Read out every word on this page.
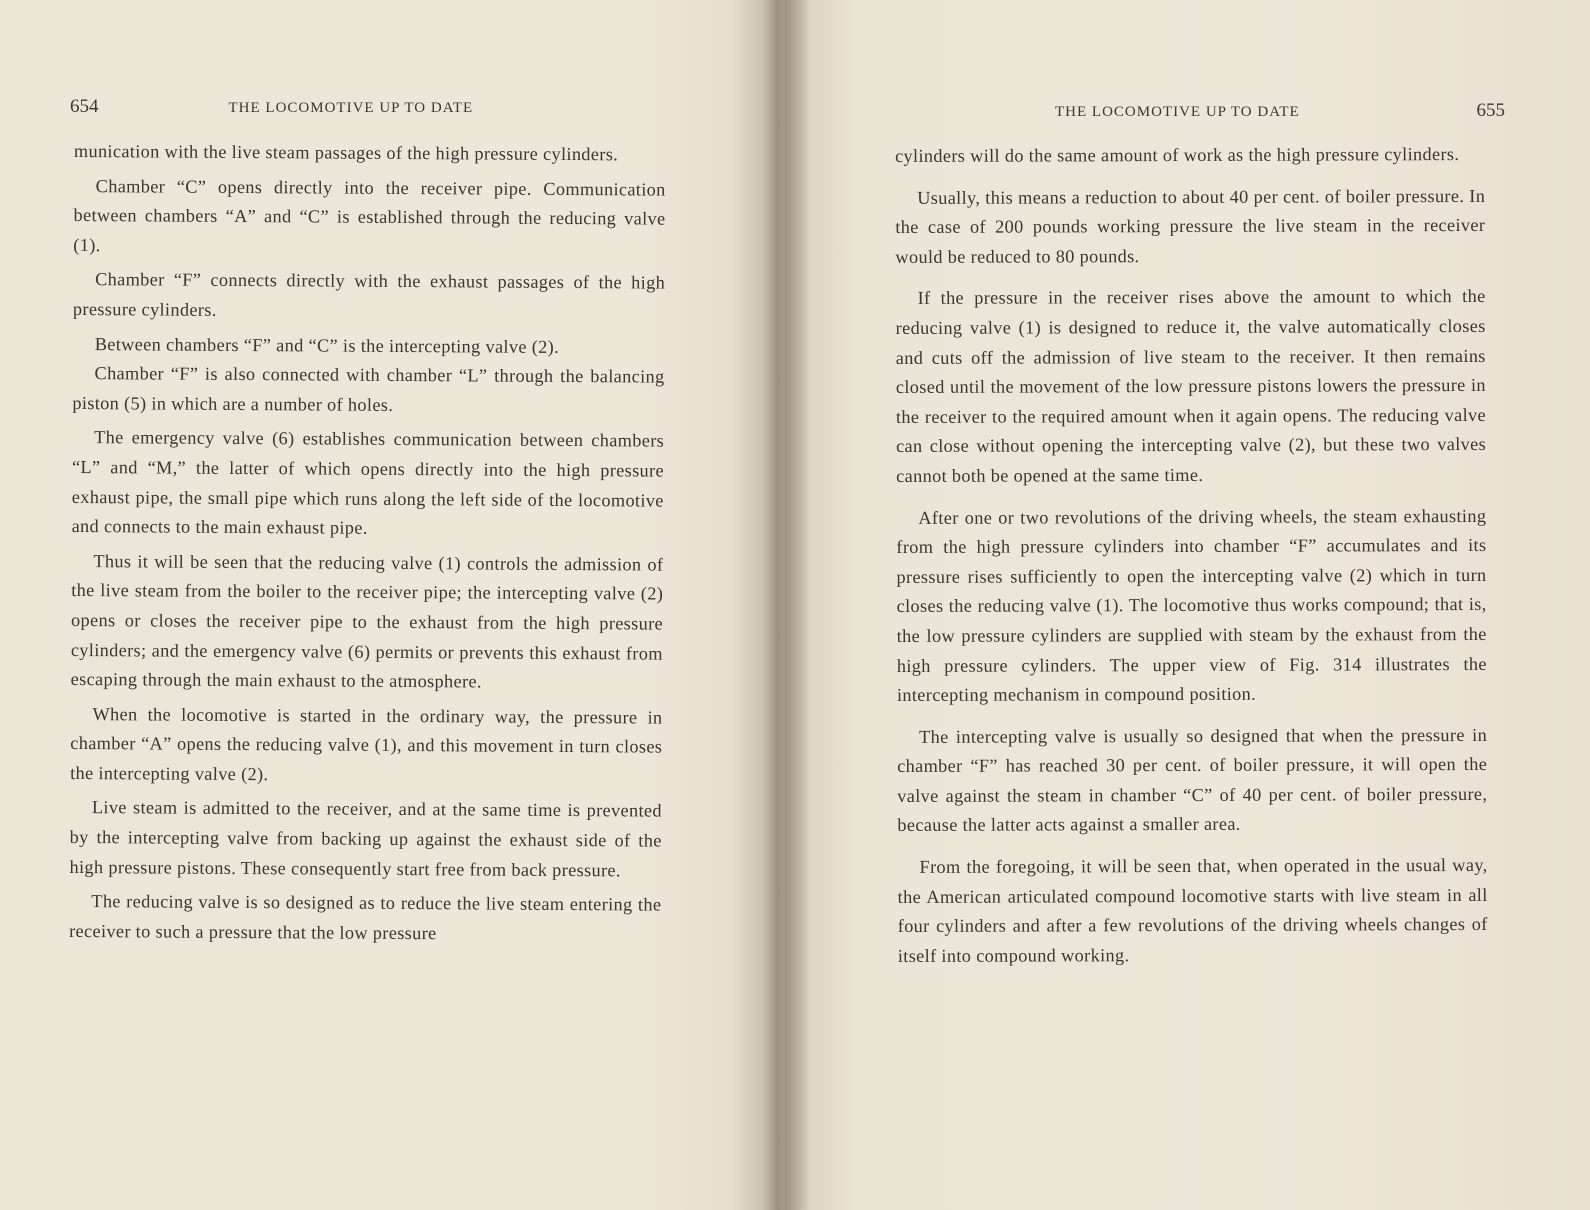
654	THE LOCOMOTIVE UP TO DATE

munication with the live steam passages of the high pressure cylinders.

Chamber “C” opens directly into the receiver pipe. Communication between chambers “A” and “C” is established through the reducing valve (1).

Chamber “F” connects directly with the exhaust passages of the high pressure cylinders.

Between chambers “F” and “C” is the intercepting valve (2).

Chamber “F” is also connected with chamber “L” through the balancing piston (5) in which are a number of holes.

The emergency valve (6) establishes communication between chambers “L” and “M,” the latter of which opens directly into the high pressure exhaust pipe, the small pipe which runs along the left side of the locomotive and connects to the main exhaust pipe.

Thus it will be seen that the reducing valve (1) controls the admission of the live steam from the boiler to the receiver pipe; the intercepting valve (2) opens or closes the receiver pipe to the exhaust from the high pressure cylinders; and the emergency valve (6) permits or prevents this exhaust from escaping through the main exhaust to the atmosphere.

When the locomotive is started in the ordinary way, the pressure in chamber “A” opens the reducing valve (1), and this movement in turn closes the intercepting valve (2).

Live steam is admitted to the receiver, and at the same time is prevented by the intercepting valve from backing up against the exhaust side of the high pressure pistons. These consequently start free from back pressure.

The reducing valve is so designed as to reduce the live steam entering the receiver to such a pressure that the low pressure

THE LOCOMOTIVE UP TO DATE	655

cylinders will do the same amount of work as the high pressure cylinders.

Usually, this means a reduction to about 40 per cent. of boiler pressure. In the case of 200 pounds working pressure the live steam in the receiver would be reduced to 80 pounds.

If the pressure in the receiver rises above the amount to which the reducing valve (1) is designed to reduce it, the valve automatically closes and cuts off the admission of live steam to the receiver. It then remains closed until the movement of the low pressure pistons lowers the pressure in the receiver to the required amount when it again opens. The reducing valve can close without opening the intercepting valve (2), but these two valves cannot both be opened at the same time.

After one or two revolutions of the driving wheels, the steam exhausting from the high pressure cylinders into chamber “F” accumulates and its pressure rises sufficiently to open the intercepting valve (2) which in turn closes the reducing valve (1). The locomotive thus works compound; that is, the low pressure cylinders are supplied with steam by the exhaust from the high pressure cylinders. The upper view of Fig. 314 illustrates the intercepting mechanism in compound position.

The intercepting valve is usually so designed that when the pressure in chamber “F” has reached 30 per cent. of boiler pressure, it will open the valve against the steam in chamber “C” of 40 per cent. of boiler pressure, because the latter acts against a smaller area.

From the foregoing, it will be seen that, when operated in the usual way, the American articulated compound locomotive starts with live steam in all four cylinders and after a few revolutions of the driving wheels changes of itself into compound working.
